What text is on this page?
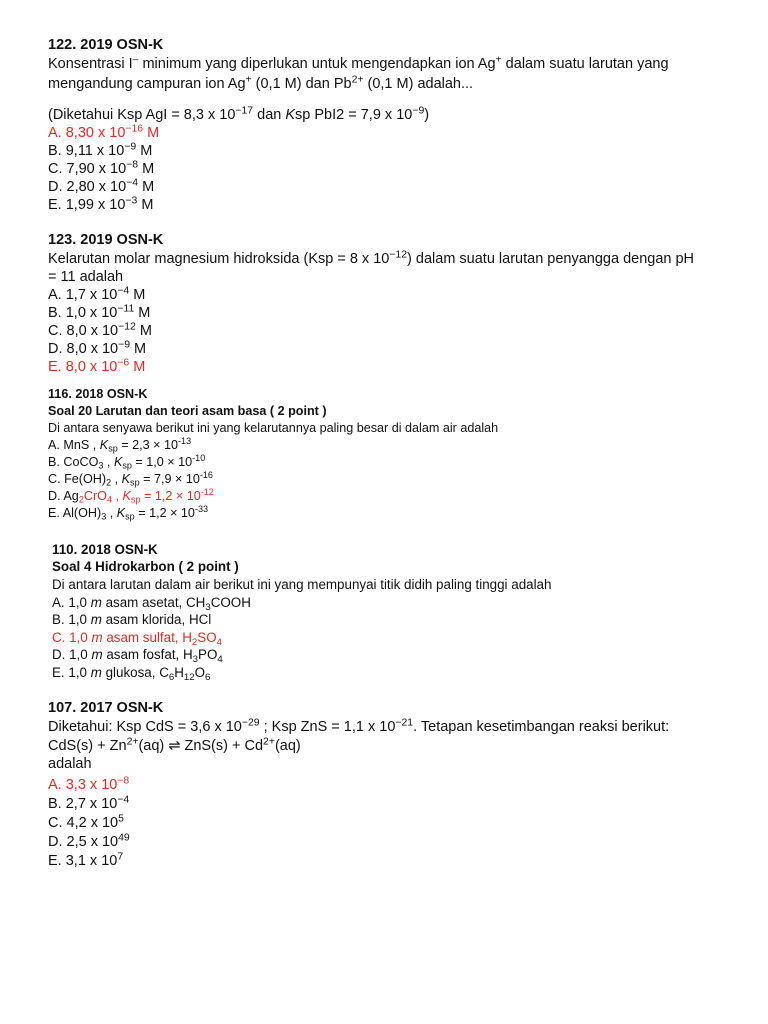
122. 2019 OSN-K
Konsentrasi I– minimum yang diperlukan untuk mengendapkan ion Ag+ dalam suatu larutan yang
mengandung campuran ion Ag+ (0,1 M) dan $Pb^{2+}$ (0,1 M) adalah...
(Diketahui Ksp AgI = 8,3 x $10^{-17}$ dan Ksp PbI2 = 7,9 x $10^{-9}$)
A. 8,30 x $10^{-16}$ M
B. 9,11 x $10^{-9}$ M
C. 7,90 x $10^{-8}$ M
D. 2,80 x $10^{-4}$ M
E. 1,99 x $10^{-3}$ M
123. 2019 OSN-K
Kelarutan molar magnesium hidroksida (Ksp = 8 x $10^{-12}$) dalam suatu larutan penyangga dengan pH
= 11 adalah
A. 1,7 x $10^{-4}$ M
B. 1,0 x $10^{-11}$ M
C. 8,0 x $10^{-12}$ M
D. 8,0 x $10^{-9}$ M
E. 8,0 x $10^{-6}$ M
116. 2018 OSN-K
Soal 20 Larutan dan teori asam basa ( 2 point )
Di antara senyawa berikut ini yang kelarutannya paling besar di dalam air adalah
A. MnS , $K_{sp} = 2,3 \times 10^{-13}$
B. CoCO$_3$ , $K_{sp} = 1,0 \times 10^{-10}$
C. $Fe(OH)_2$ , $K_{sp} = 7,9 \times 10^{-16}$
D. $Ag_2CrO_4$ , $K_{sp} = 1,2 \times 10^{-12}$
E. $Al(OH)_3$ , $K_{sp} = 1,2 \times 10^{-33}$
110. 2018 OSN-K
Soal 4 Hidrokarbon ( 2 point )
Di antara larutan dalam air berikut ini yang mempunyai titik didih paling tinggi adalah
A. 1,0 m asam asetat, $CH_3COOH$
B. 1,0 m asam klorida, HCl
C. 1,0 m asam sulfat, $H_2SO_4$
D. 1,0 m asam fosfat, $H_3PO_4$
E. 1,0 m glukosa, $C_6H_{12}O_6$
107. 2017 OSN-K
Diketahui: Ksp CdS = 3,6 x $10^{-29}$ ; Ksp ZnS = 1,1 x $10^{-21}$. Tetapan kesetimbangan reaksi berikut:
$CdS(s) + Zn^{2+}(aq)$ ⇌ $ZnS(s) + Cd^{2+}(aq)$
adalah
A. 3,3 x $10^{-8}$
B. 2,7 x $10^{-4}$
C. 4,2 x $10^5$
D. 2,5 x $10^{49}$
E. 3,1 x $10^7$
